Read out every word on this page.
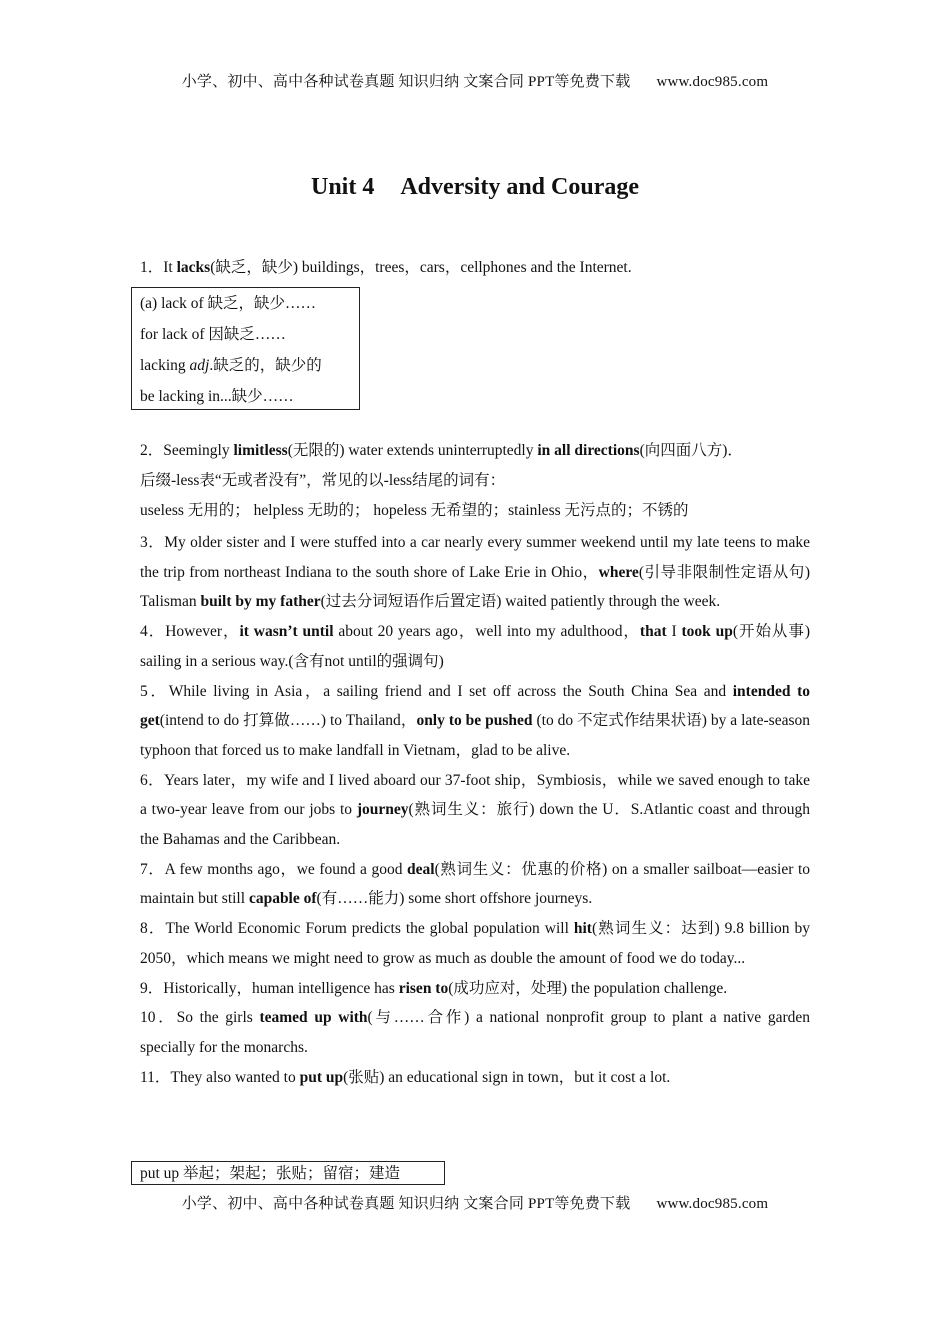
小学、初中、高中各种试卷真题 知识归纳 文案合同 PPT等免费下载 www.doc985.com
Unit 4 Adversity and Courage

1．It lacks(缺乏，缺少) buildings，trees，cars，cellphones and the Internet.

(a) lack of 缺乏，缺少……
for lack of 因缺乏……
lacking adj.缺乏的，缺少的
be lacking in...缺少……

2．Seemingly limitless(无限的) water extends uninterruptedly in all directions(向四面八方)．

后缀-less表“无或者没有”，常见的以-less结尾的词有：

useless 无用的； helpless 无助的； hopeless 无希望的；stainless 无污点的；不锈的

3．My older sister and I were stuffed into a car nearly every summer weekend until my late teens to make the trip from northeast Indiana to the south shore of Lake Erie in Ohio，where(引导非限制性定语从句) Talisman built by my father(过去分词短语作后置定语) waited patiently through the week.

4．However，it wasn’t until about 20 years ago，well into my adulthood，that I took up(开始从事) sailing in a serious way.(含有not until的强调句)

5．While living in Asia，a sailing friend and I set off across the South China Sea and intended to get(intend to do 打算做……) to Thailand，only to be pushed (to do 不定式作结果状语) by a late-season typhoon that forced us to make landfall in Vietnam，glad to be alive.

6．Years later，my wife and I lived aboard our 37-foot ship，Symbiosis，while we saved enough to take a two-year leave from our jobs to journey(熟词生义：旅行) down the U．S.Atlantic coast and through the Bahamas and the Caribbean.

7．A few months ago，we found a good deal(熟词生义：优惠的价格) on a smaller sailboat—easier to maintain but still capable of(有……能力) some short offshore journeys.

8．The World Economic Forum predicts the global population will hit(熟词生义：达到) 9.8 billion by 2050，which means we might need to grow as much as double the amount of food we do today...

9．Historically，human intelligence has risen to(成功应对，处理) the population challenge.

10．So the girls teamed up with(与……合作) a national nonprofit group to plant a native garden specially for the monarchs.

11．They also wanted to put up(张贴) an educational sign in town，but it cost a lot.

put up 举起；架起；张贴；留宿；建造
小学、初中、高中各种试卷真题 知识归纳 文案合同 PPT等免费下载 www.doc985.com
